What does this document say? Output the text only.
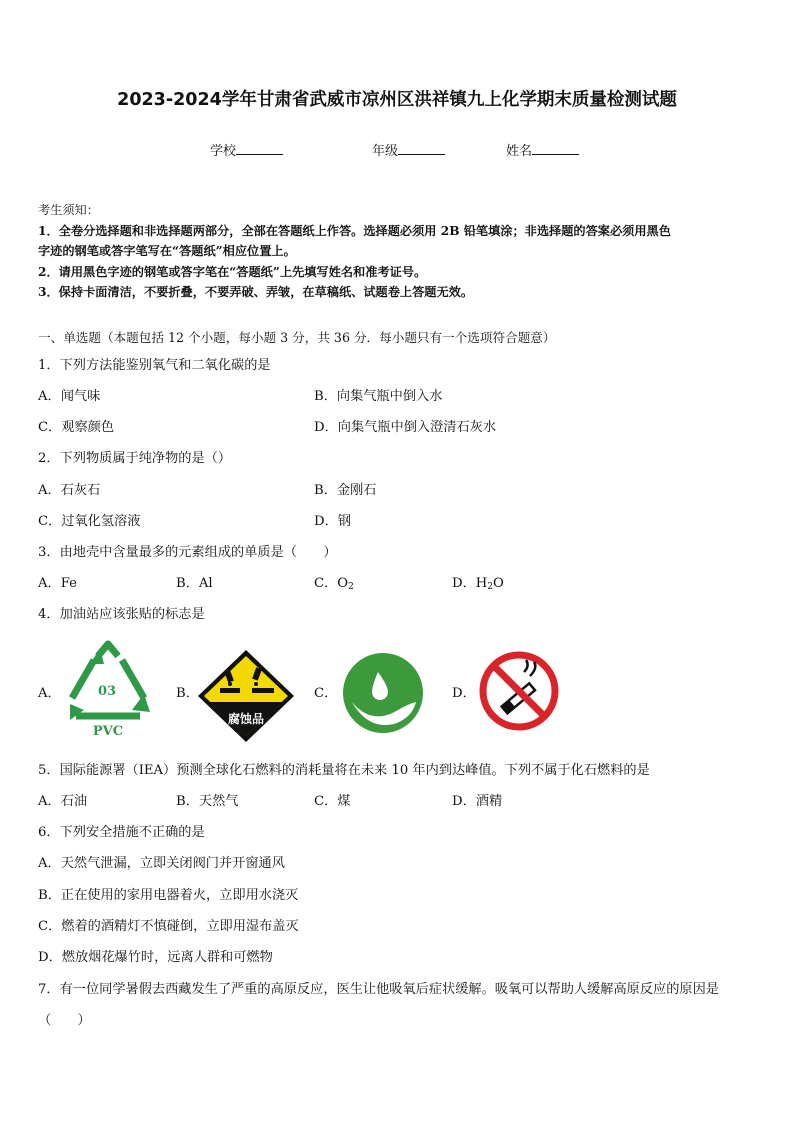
2023-2024学年甘肃省武威市凉州区洪祥镇九上化学期末质量检测试题
学校	年级	姓名
考生须知：
1．全卷分选择题和非选择题两部分，全部在答题纸上作答。选择题必须用 2B 铅笔填涂；非选择题的答案必须用黑色
字迹的钢笔或答字笔写在“答题纸”相应位置上。
2．请用黑色字迹的钢笔或答字笔在“答题纸”上先填写姓名和准考证号。
3．保持卡面清洁，不要折叠，不要弄破、弄皱，在草稿纸、试题卷上答题无效。
一、单选题（本题包括 12 个小题，每小题 3 分，共 36 分．每小题只有一个选项符合题意）
1．下列方法能鉴别氧气和二氧化碳的是
A．闻气味	B．向集气瓶中倒入水
C．观察颜色	D．向集气瓶中倒入澄清石灰水
2．下列物质属于纯净物的是（）
A．石灰石	B．金刚石
C．过氧化氢溶液	D．钢
3．由地壳中含量最多的元素组成的单质是（　　）
A．Fe	B．Al	C．$O_2$	D．$H_2O$
4．加油站应该张贴的标志是
A．	03
PVC
B．
腐蚀品
C．	D．
5．国际能源署（IEA）预测全球化石燃料的消耗量将在未来 10 年内到达峰值。下列不属于化石燃料的是
A．石油	B．天然气	C．煤	D．酒精
6．下列安全措施不正确的是
A．天然气泄漏，立即关闭阀门并开窗通风
B．正在使用的家用电器着火，立即用水浇灭
C．燃着的酒精灯不慎碰倒，立即用湿布盖灭
D．燃放烟花爆竹时，远离人群和可燃物
7．有一位同学暑假去西藏发生了严重的高原反应，医生让他吸氧后症状缓解。吸氧可以帮助人缓解高原反应的原因是
（　　）
